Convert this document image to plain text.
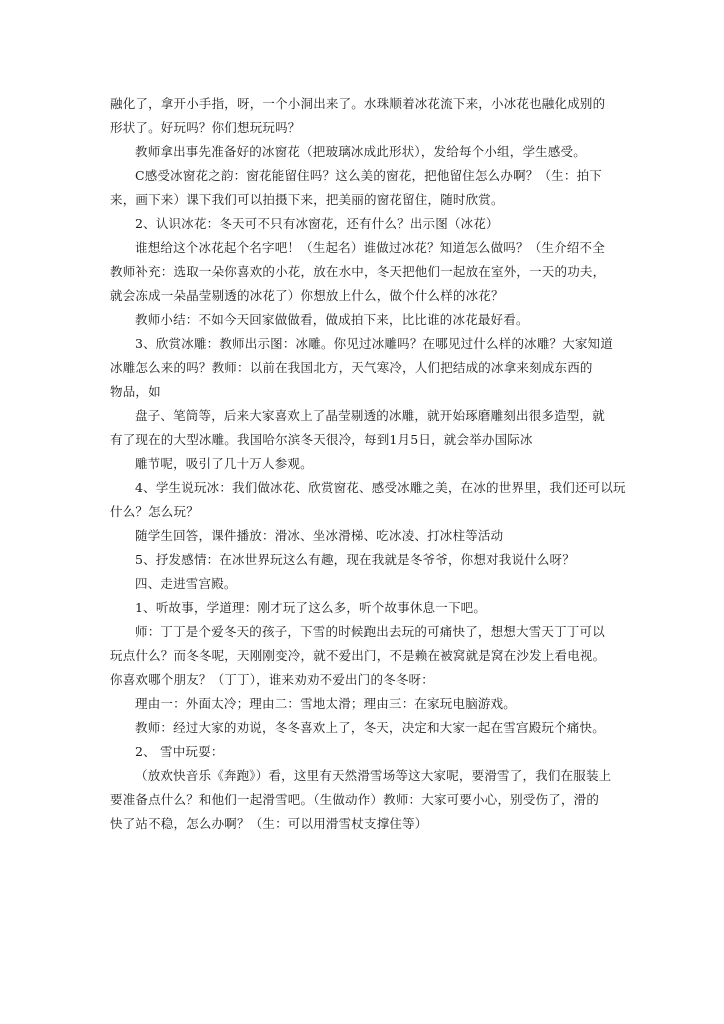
融化了，拿开小手指，呀，一个小洞出来了。水珠顺着冰花流下来，小冰花也融化成别的
形状了。好玩吗？你们想玩玩吗？
教师拿出事先准备好的冰窗花（把玻璃冰成此形状），发给每个小组，学生感受。
C感受冰窗花之韵：窗花能留住吗？这么美的窗花，把他留住怎么办啊？（生：拍下
来，画下来）课下我们可以拍摄下来，把美丽的窗花留住，随时欣赏。
2、认识冰花：冬天可不只有冰窗花，还有什么？出示图（冰花）
谁想给这个冰花起个名字吧！（生起名）谁做过冰花？知道怎么做吗？（生介绍不全
教师补充：选取一朵你喜欢的小花，放在水中，冬天把他们一起放在室外，一天的功夫，
就会冻成一朵晶莹剔透的冰花了）你想放上什么，做个什么样的冰花？
教师小结：不如今天回家做做看，做成拍下来，比比谁的冰花最好看。
3、欣赏冰雕：教师出示图：冰雕。你见过冰雕吗？在哪见过什么样的冰雕？大家知道
冰雕怎么来的吗？教师：以前在我国北方，天气寒冷，人们把结成的冰拿来刻成东西的
物品，如
盘子、笔筒等，后来大家喜欢上了晶莹剔透的冰雕，就开始琢磨雕刻出很多造型，就
有了现在的大型冰雕。我国哈尔滨冬天很冷，每到1月5日，就会举办国际冰
雕节呢，吸引了几十万人参观。
4、学生说玩冰：我们做冰花、欣赏窗花、感受冰雕之美，在冰的世界里，我们还可以玩
什么？怎么玩？
随学生回答，课件播放：滑冰、坐冰滑梯、吃冰凌、打冰柱等活动
5、抒发感情：在冰世界玩这么有趣，现在我就是冬爷爷，你想对我说什么呀？
四、走进雪宫殿。
1、听故事，学道理：刚才玩了这么多，听个故事休息一下吧。
师：丁丁是个爱冬天的孩子，下雪的时候跑出去玩的可痛快了，想想大雪天丁丁可以
玩点什么？而冬冬呢，天刚刚变冷，就不爱出门，不是赖在被窝就是窝在沙发上看电视。
你喜欢哪个朋友？（丁丁），谁来劝劝不爱出门的冬冬呀：
理由一：外面太冷；理由二：雪地太滑；理由三：在家玩电脑游戏。
教师：经过大家的劝说，冬冬喜欢上了，冬天，决定和大家一起在雪宫殿玩个痛快。
2、 雪中玩耍：
（放欢快音乐《奔跑》）看，这里有天然滑雪场等这大家呢，要滑雪了，我们在服装上
要准备点什么？和他们一起滑雪吧。（生做动作）教师：大家可要小心，别受伤了，滑的
快了站不稳，怎么办啊？（生：可以用滑雪杖支撑住等）
